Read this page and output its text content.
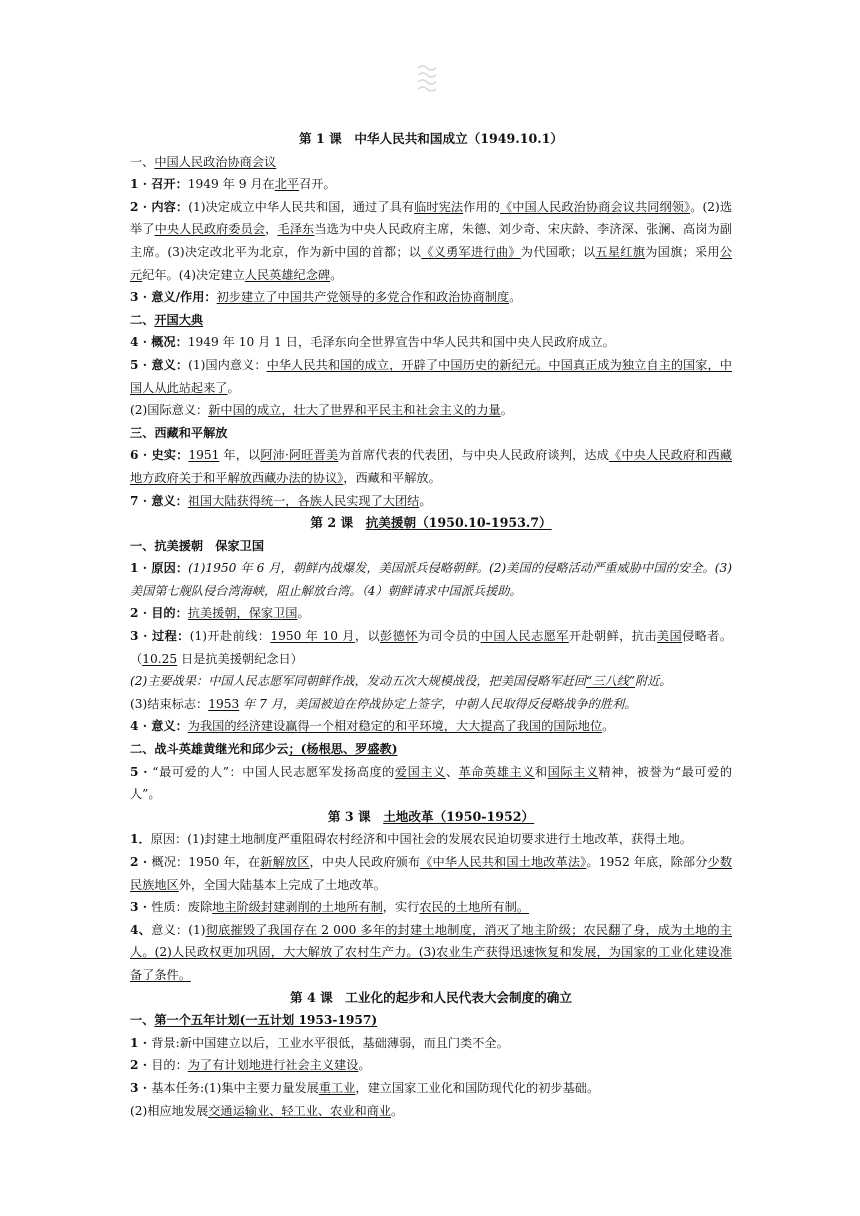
第 1 课　中华人民共和国成立（1949.10.1）
一、中国人民政治协商会议

1 · 召开：1949 年 9 月在北平召开。

2 · 内容：(1)决定成立中华人民共和国，通过了具有临时宪法作用的《中国人民政治协商会议共同纲领》。(2)选举了中央人民政府委员会，毛泽东当选为中央人民政府主席，朱德、刘少奇、宋庆龄、李济深、张澜、高岗为副主席。(3)决定改北平为北京，作为新中国的首都；以《义勇军进行曲》为代国歌；以五星红旗为国旗；采用公元纪年。(4)决定建立人民英雄纪念碑。

3 · 意义/作用：初步建立了中国共产党领导的多党合作和政治协商制度。

二、开国大典

4 · 概况：1949 年 10 月 1 日，毛泽东向全世界宣告中华人民共和国中央人民政府成立。

5 · 意义：(1)国内意义：中华人民共和国的成立，开辟了中国历史的新纪元。中国真正成为独立自主的国家，中国人从此站起来了。

(2)国际意义：新中国的成立，壮大了世界和平民主和社会主义的力量。

三、西藏和平解放

6 · 史实：1951 年，以阿沛·阿旺晋美为首席代表的代表团，与中央人民政府谈判，达成《中央人民政府和西藏地方政府关于和平解放西藏办法的协议》，西藏和平解放。

7 · 意义：祖国大陆获得统一，各族人民实现了大团结。

第 2 课　抗美援朝（1950.10-1953.7）
一、抗美援朝　保家卫国

1 · 原因：(1)1950 年 6 月，朝鲜内战爆发，美国派兵侵略朝鲜。(2)美国的侵略活动严重威胁中国的安全。(3)美国第七舰队侵台湾海峡，阻止解放台湾。（4）朝鲜请求中国派兵援助。

2 · 目的：抗美援朝，保家卫国。

3 · 过程：(1)开赴前线：1950 年 10 月，以彭德怀为司令员的中国人民志愿军开赴朝鲜，抗击美国侵略者。（10.25 日是抗美援朝纪念日）

(2)主要战果：中国人民志愿军同朝鲜作战，发动五次大规模战役，把美国侵略军赶回“三八线”附近。

(3)结束标志：1953 年 7 月，美国被迫在停战协定上签字，中朝人民取得反侵略战争的胜利。

4 · 意义：为我国的经济建设赢得一个相对稳定的和平环境，大大提高了我国的国际地位。

二、战斗英雄黄继光和邱少云；(杨根思、罗盛教)

5 · “最可爱的人”：中国人民志愿军发扬高度的爱国主义、革命英雄主义和国际主义精神，被誉为“最可爱的人”。

第 3 课　土地改革（1950-1952）

1．原因：(1)封建土地制度严重阻碍农村经济和中国社会的发展农民迫切要求进行土地改革，获得土地。

2 · 概况：1950 年，在新解放区，中央人民政府颁布《中华人民共和国土地改革法》。1952 年底，除部分少数民族地区外，全国大陆基本上完成了土地改革。

3 · 性质：废除地主阶级封建剥削的土地所有制，实行农民的土地所有制。

4、意义：(1)彻底摧毁了我国存在 2 000 多年的封建土地制度，消灭了地主阶级；农民翻了身，成为土地的主人。(2)人民政权更加巩固，大大解放了农村生产力。(3)农业生产获得迅速恢复和发展，为国家的工业化建设准备了条件。

第 4 课　工业化的起步和人民代表大会制度的确立
一、第一个五年计划(一五计划 1953-1957)

1 · 背景:新中国建立以后，工业水平很低，基础薄弱，而且门类不全。

2 · 目的：为了有计划地进行社会主义建设。

3 · 基本任务:(1)集中主要力量发展重工业，建立国家工业化和国防现代化的初步基础。

(2)相应地发展交通运输业、轻工业、农业和商业。
